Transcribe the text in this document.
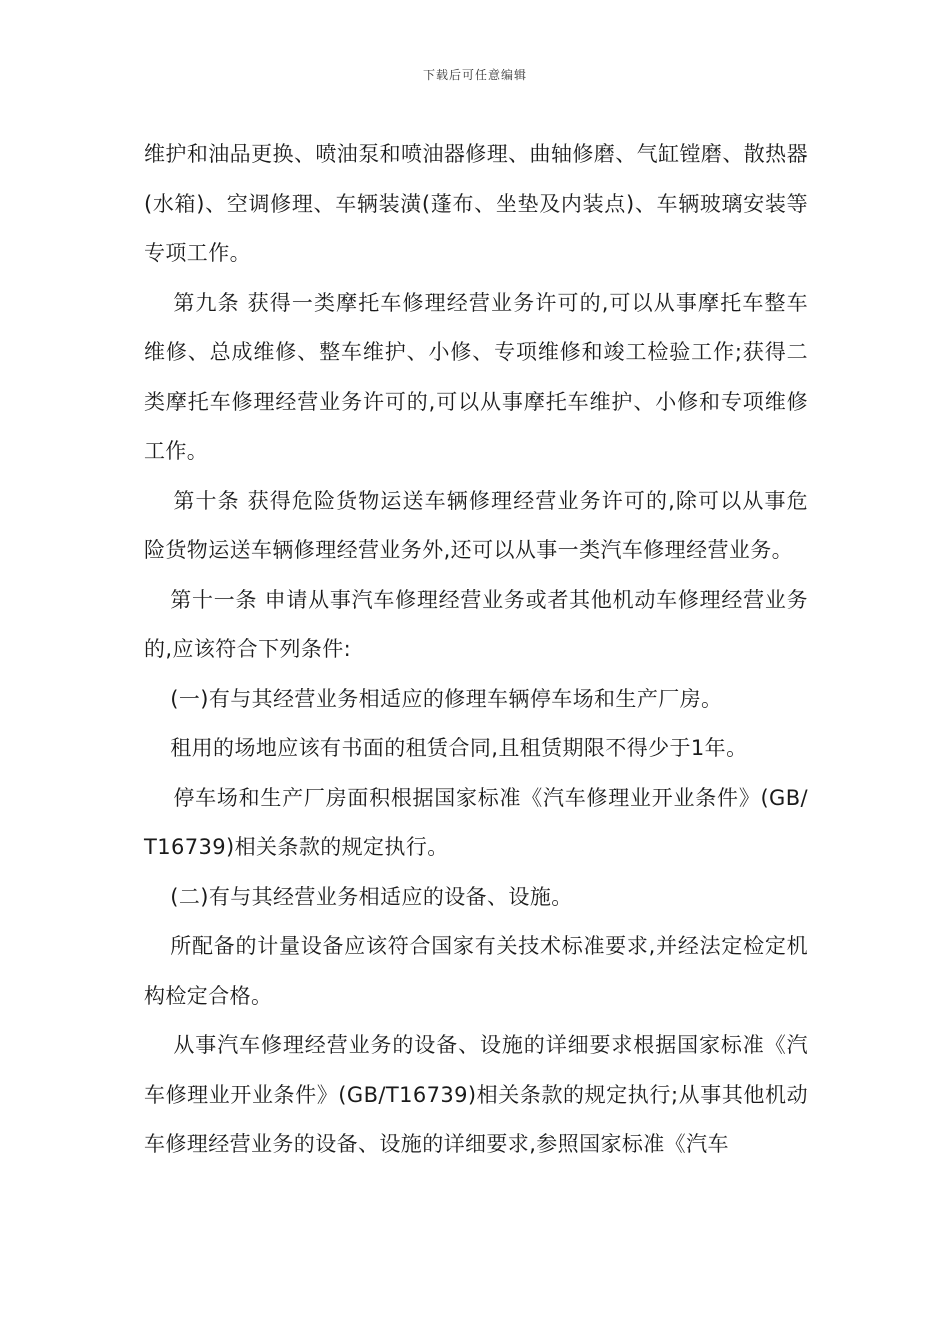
下载后可任意编辑

维护和油品更换、喷油泵和喷油器修理、曲轴修磨、气缸镗磨、散热器(水箱)、空调修理、车辆装潢(蓬布、坐垫及内装点)、车辆玻璃安装等专项工作。

第九条 获得一类摩托车修理经营业务许可的,可以从事摩托车整车维修、总成维修、整车维护、小修、专项维修和竣工检验工作;获得二类摩托车修理经营业务许可的,可以从事摩托车维护、小修和专项维修工作。

第十条 获得危险货物运送车辆修理经营业务许可的,除可以从事危险货物运送车辆修理经营业务外,还可以从事一类汽车修理经营业务。

第十一条 申请从事汽车修理经营业务或者其他机动车修理经营业务的,应该符合下列条件:

(一)有与其经营业务相适应的修理车辆停车场和生产厂房。

租用的场地应该有书面的租赁合同,且租赁期限不得少于1年。

停车场和生产厂房面积根据国家标准《汽车修理业开业条件》(GB/T16739)相关条款的规定执行。

(二)有与其经营业务相适应的设备、设施。

所配备的计量设备应该符合国家有关技术标准要求,并经法定检定机构检定合格。

从事汽车修理经营业务的设备、设施的详细要求根据国家标准《汽车修理业开业条件》(GB/T16739)相关条款的规定执行;从事其他机动车修理经营业务的设备、设施的详细要求,参照国家标准《汽车
